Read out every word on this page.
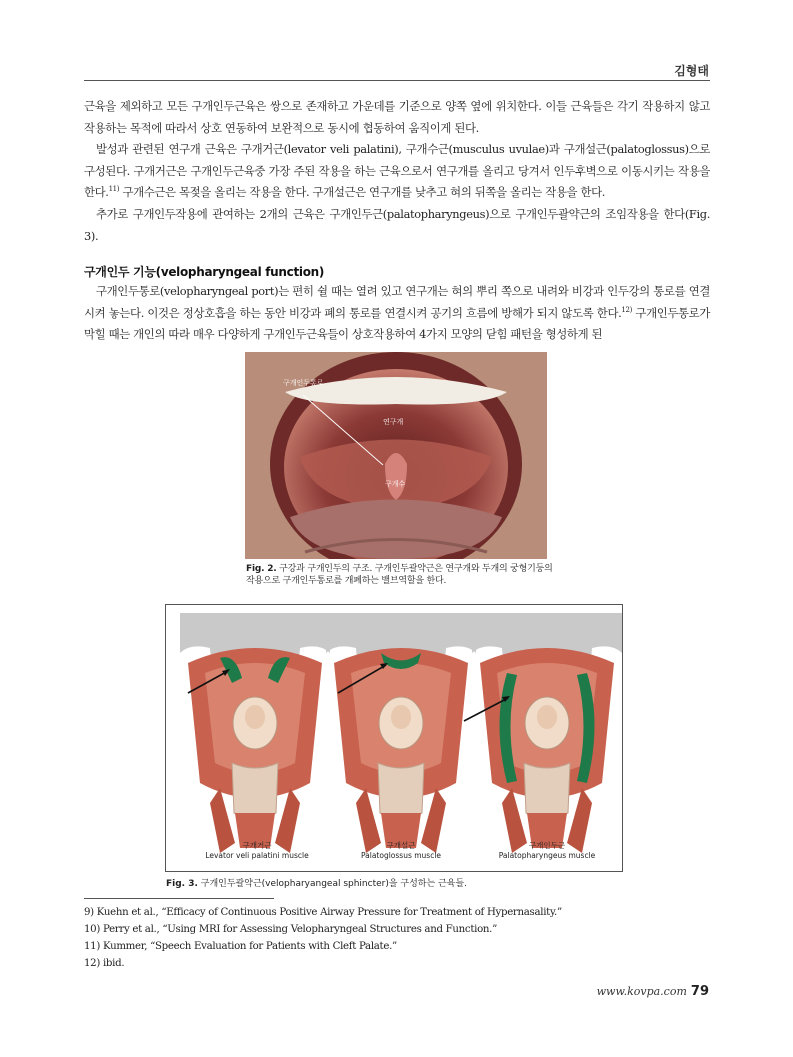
김형태

근육을 제외하고 모든 구개인두근육은 쌍으로 존재하고 가운데를 기준으로 양쪽 옆에 위치한다. 이들 근육들은 각기 작용하지 않고 작용하는 목적에 따라서 상호 연동하여 보완적으로 동시에 협동하여 움직이게 된다.

발성과 관련된 연구개 근육은 구개거근(levator veli palatini), 구개수근(musculus uvulae)과 구개설근(palatoglossus)으로 구성된다. 구개거근은 구개인두근육중 가장 주된 작용을 하는 근육으로서 연구개를 올리고 당겨서 인두후벽으로 이동시키는 작용을 한다.$^{11)}$ 구개수근은 목젖을 올리는 작용을 한다. 구개설근은 연구개를 낮추고 혀의 뒤쪽을 올리는 작용을 한다.

추가로 구개인두작용에 관여하는 2개의 근육은 구개인두근(palatopharyngeus)으로 구개인두괄약근의 조임작용을 한다(Fig. 3).

구개인두 기능(velopharyngeal function)

구개인두통로(velopharyngeal port)는 편히 쉴 때는 열려 있고 연구개는 혀의 뿌리 쪽으로 내려와 비강과 인두강의 통로를 연결시켜 놓는다. 이것은 정상호흡을 하는 동안 비강과 폐의 통로를 연결시켜 공기의 흐름에 방해가 되지 않도록 한다.$^{12)}$ 구개인두통로가 막힐 때는 개인의 따라 매우 다양하게 구개인두근육들이 상호작용하여 4가지 모양의 닫힘 패턴을 형성하게 된

구개인두통로
연구개
구개수
Fig. 2. 구강과 구개인두의 구조. 구개인두괄약근은 연구개와 두개의 궁형기둥의 작용으로 구개인두통로를 개폐하는 밸브역할을 한다.
구개거근
Levator veli palatini muscle
구개설근
Palatoglossus muscle
구개인두근
Palatopharyngeus muscle
Fig. 3. 구개인두괄약근(velopharyangeal sphincter)을 구성하는 근육들.
9) Kuehn et al., “Efficacy of Continuous Positive Airway Pressure for Treatment of Hypernasality.”
10) Perry et al., “Using MRI for Assessing Velopharyngeal Structures and Function.”
11) Kummer, “Speech Evaluation for Patients with Cleft Palate.”
12) ibid.
www.kovpa.com 79
